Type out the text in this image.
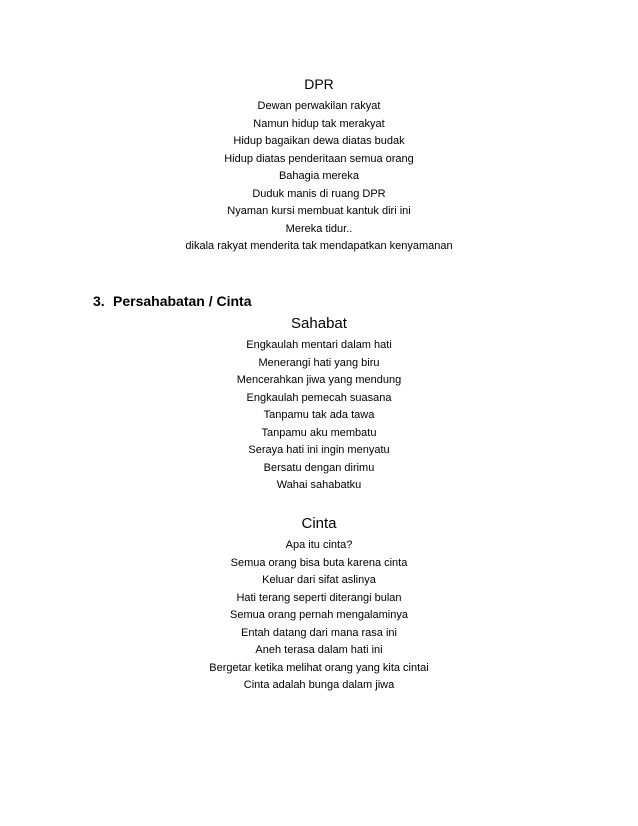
DPR
Dewan perwakilan rakyat
Namun hidup tak merakyat
Hidup bagaikan dewa diatas budak
Hidup diatas penderitaan semua orang
Bahagia mereka
Duduk manis di ruang DPR
Nyaman kursi membuat kantuk diri ini
Mereka tidur..
dikala rakyat menderita tak mendapatkan kenyamanan
3. Persahabatan / Cinta
Sahabat
Engkaulah mentari dalam hati
Menerangi hati yang biru
Mencerahkan jiwa yang mendung
Engkaulah pemecah suasana
Tanpamu tak ada tawa
Tanpamu aku membatu
Seraya hati ini ingin menyatu
Bersatu dengan dirimu
Wahai sahabatku
Cinta
Apa itu cinta?
Semua orang bisa buta karena cinta
Keluar dari sifat aslinya
Hati terang seperti diterangi bulan
Semua orang pernah mengalaminya
Entah datang dari mana rasa ini
Aneh terasa dalam hati ini
Bergetar ketika melihat orang yang kita cintai
Cinta adalah bunga dalam jiwa
